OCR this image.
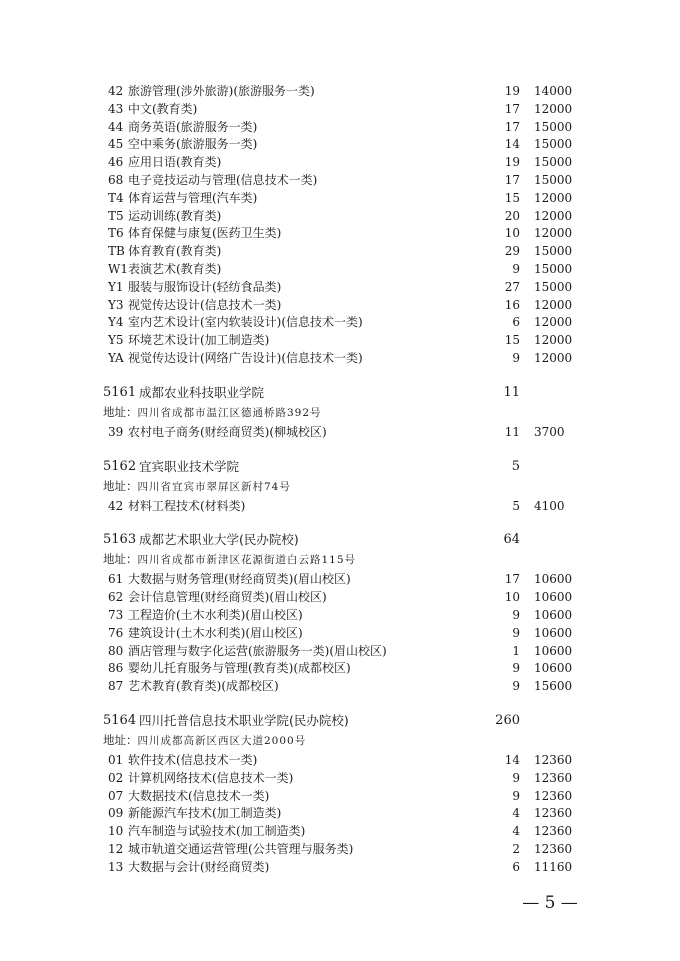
42 旅游管理(涉外旅游)(旅游服务一类)	19 14000
43 中文(教育类)	17 12000
44 商务英语(旅游服务一类)	17 15000
45 空中乘务(旅游服务一类)	14 15000
46 应用日语(教育类)	19 15000
68 电子竞技运动与管理(信息技术一类)	17 15000
T4 体育运营与管理(汽车类)	15 12000
T5 运动训练(教育类)	20 12000
T6 体育保健与康复(医药卫生类)	10 12000
TB 体育教育(教育类)	29 15000
W1 表演艺术(教育类)	9 15000
Y1 服装与服饰设计(轻纺食品类)	27 15000
Y3 视觉传达设计(信息技术一类)	16 12000
Y4 室内艺术设计(室内软装设计)(信息技术一类)	6 12000
Y5 环境艺术设计(加工制造类)	15 12000
YA 视觉传达设计(网络广告设计)(信息技术一类)	9 12000
5161 成都农业科技职业学院	11
地址：四川省成都市温江区德通桥路392号
39 农村电子商务(财经商贸类)(柳城校区)	11 3700
5162 宜宾职业技术学院	5
地址：四川省宜宾市翠屏区新村74号
42 材料工程技术(材料类)	5 4100
5163 成都艺术职业大学(民办院校)	64
地址：四川省成都市新津区花源街道白云路115号
61 大数据与财务管理(财经商贸类)(眉山校区)	17 10600
62 会计信息管理(财经商贸类)(眉山校区)	10 10600
73 工程造价(土木水利类)(眉山校区)	9 10600
76 建筑设计(土木水利类)(眉山校区)	9 10600
80 酒店管理与数字化运营(旅游服务一类)(眉山校区)	1 10600
86 婴幼儿托育服务与管理(教育类)(成都校区)	9 10600
87 艺术教育(教育类)(成都校区)	9 15600
5164 四川托普信息技术职业学院(民办院校)	260
地址：四川成都高新区西区大道2000号
01 软件技术(信息技术一类)	14 12360
02 计算机网络技术(信息技术一类)	9 12360
07 大数据技术(信息技术一类)	9 12360
09 新能源汽车技术(加工制造类)	4 12360
10 汽车制造与试验技术(加工制造类)	4 12360
12 城市轨道交通运营管理(公共管理与服务类)	2 12360
13 大数据与会计(财经商贸类)	6 11160
— 5 —
